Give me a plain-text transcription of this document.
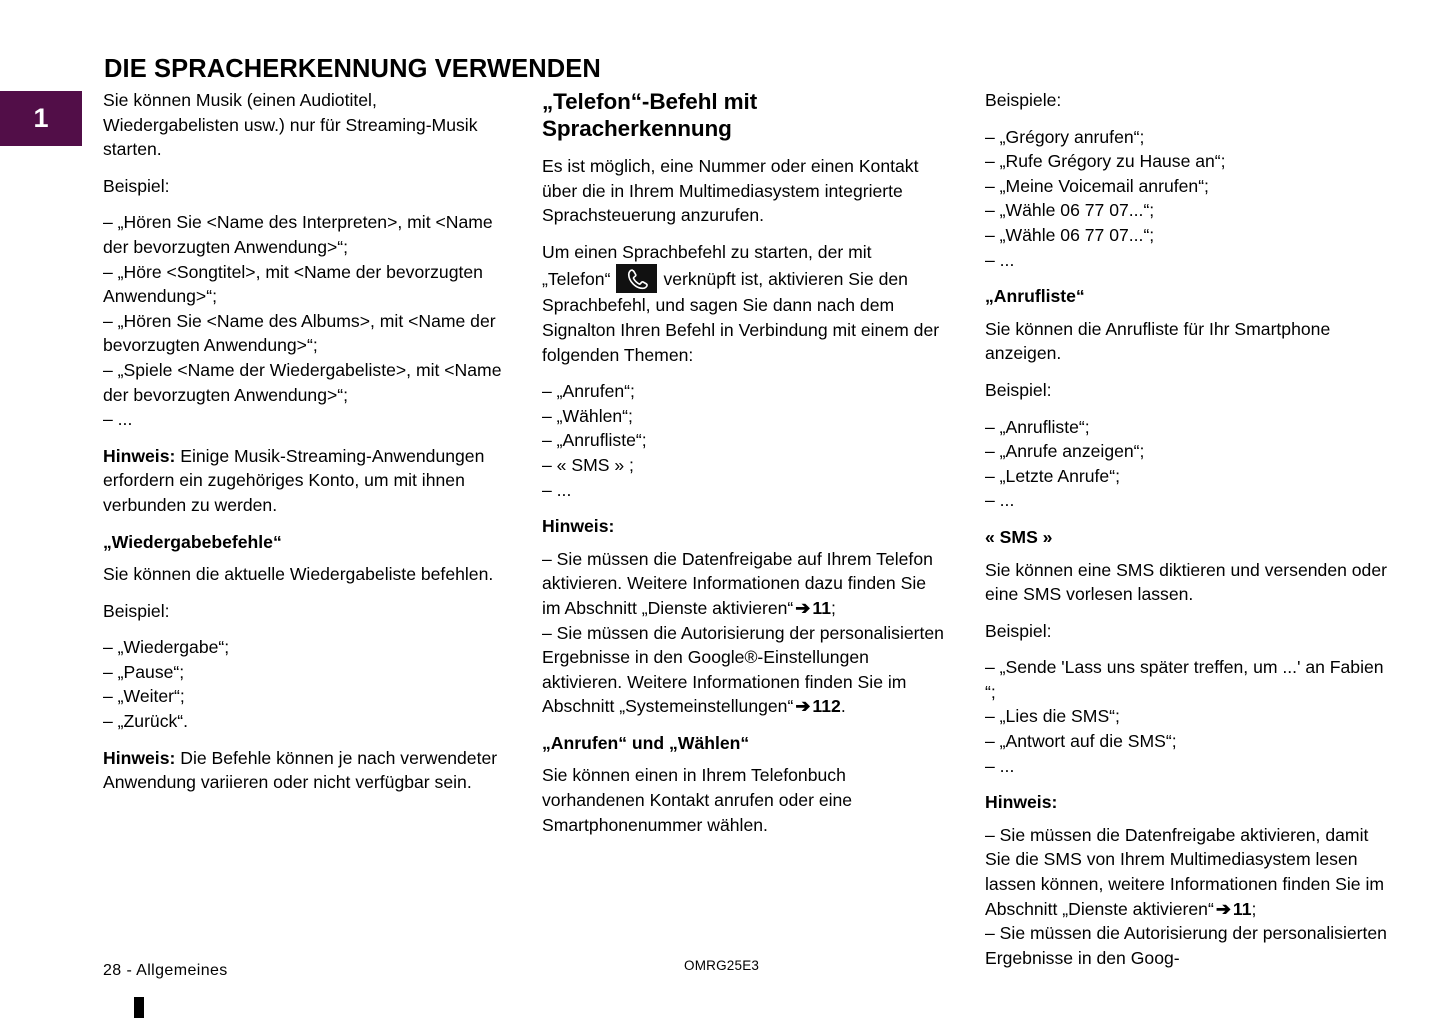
DIE SPRACHERKENNUNG VERWENDEN
1

Sie können Musik (einen Audiotitel, Wiedergabelisten usw.) nur für Streaming-Musik starten.

Beispiel:

– „Hören Sie <Name des Interpreten>, mit <Name der bevorzugten Anwendung>“;

– „Höre <Songtitel>, mit <Name der bevorzugten Anwendung>“;

– „Hören Sie <Name des Albums>, mit <Name der bevorzugten Anwendung>“;

– „Spiele <Name der Wiedergabeliste>, mit <Name der bevorzugten Anwendung>“;

– ...

Hinweis: Einige Musik-Streaming-Anwendungen erfordern ein zugehöriges Konto, um mit ihnen verbunden zu werden.

„Wiedergabebefehle“

Sie können die aktuelle Wiedergabeliste befehlen.

Beispiel:

– „Wiedergabe“;

– „Pause“;

– „Weiter“;

– „Zurück“.

Hinweis: Die Befehle können je nach verwendeter Anwendung variieren oder nicht verfügbar sein.

„Telefon“-Befehl mit Spracherkennung

Es ist möglich, eine Nummer oder einen Kontakt über die in Ihrem Multimediasystem integrierte Sprachsteuerung anzurufen.

Um einen Sprachbefehl zu starten, der mit „Telefon“	verknüpft ist, aktivieren Sie den Sprachbefehl, und sagen Sie dann nach dem Signalton Ihren Befehl in Verbindung mit einem der folgenden Themen:

– „Anrufen“;

– „Wählen“;

– „Anrufliste“;

– « SMS » ;

– ...

Hinweis:

– Sie müssen die Datenfreigabe auf Ihrem Telefon aktivieren. Weitere Informationen dazu finden Sie im Abschnitt „Dienste aktivieren“ ➔ 11;

– Sie müssen die Autorisierung der personalisierten Ergebnisse in den Google®-Einstellungen aktivieren. Weitere Informationen finden Sie im Abschnitt „Systemeinstellungen“ ➔ 112.

„Anrufen“ und „Wählen“

Sie können einen in Ihrem Telefonbuch vorhandenen Kontakt anrufen oder eine Smartphonenummer wählen.

Beispiele:

– „Grégory anrufen“;

– „Rufe Grégory zu Hause an“;

– „Meine Voicemail anrufen“;

– „Wähle 06 77 07...“;

– „Wähle 06 77 07...“;

– ...

„Anrufliste“

Sie können die Anrufliste für Ihr Smartphone anzeigen.

Beispiel:

– „Anrufliste“;

– „Anrufe anzeigen“;

– „Letzte Anrufe“;

– ...

« SMS »

Sie können eine SMS diktieren und versenden oder eine SMS vorlesen lassen.

Beispiel:

– „Sende 'Lass uns später treffen, um ...' an Fabien “;

– „Lies die SMS“;

– „Antwort auf die SMS“;

– ...

Hinweis:

– Sie müssen die Datenfreigabe aktivieren, damit Sie die SMS von Ihrem Multimediasystem lesen lassen können, weitere Informationen finden Sie im Abschnitt „Dienste aktivieren“ ➔ 11;

– Sie müssen die Autorisierung der personalisierten Ergebnisse in den Goog-

28 - Allgemeines	OMRG25E3
